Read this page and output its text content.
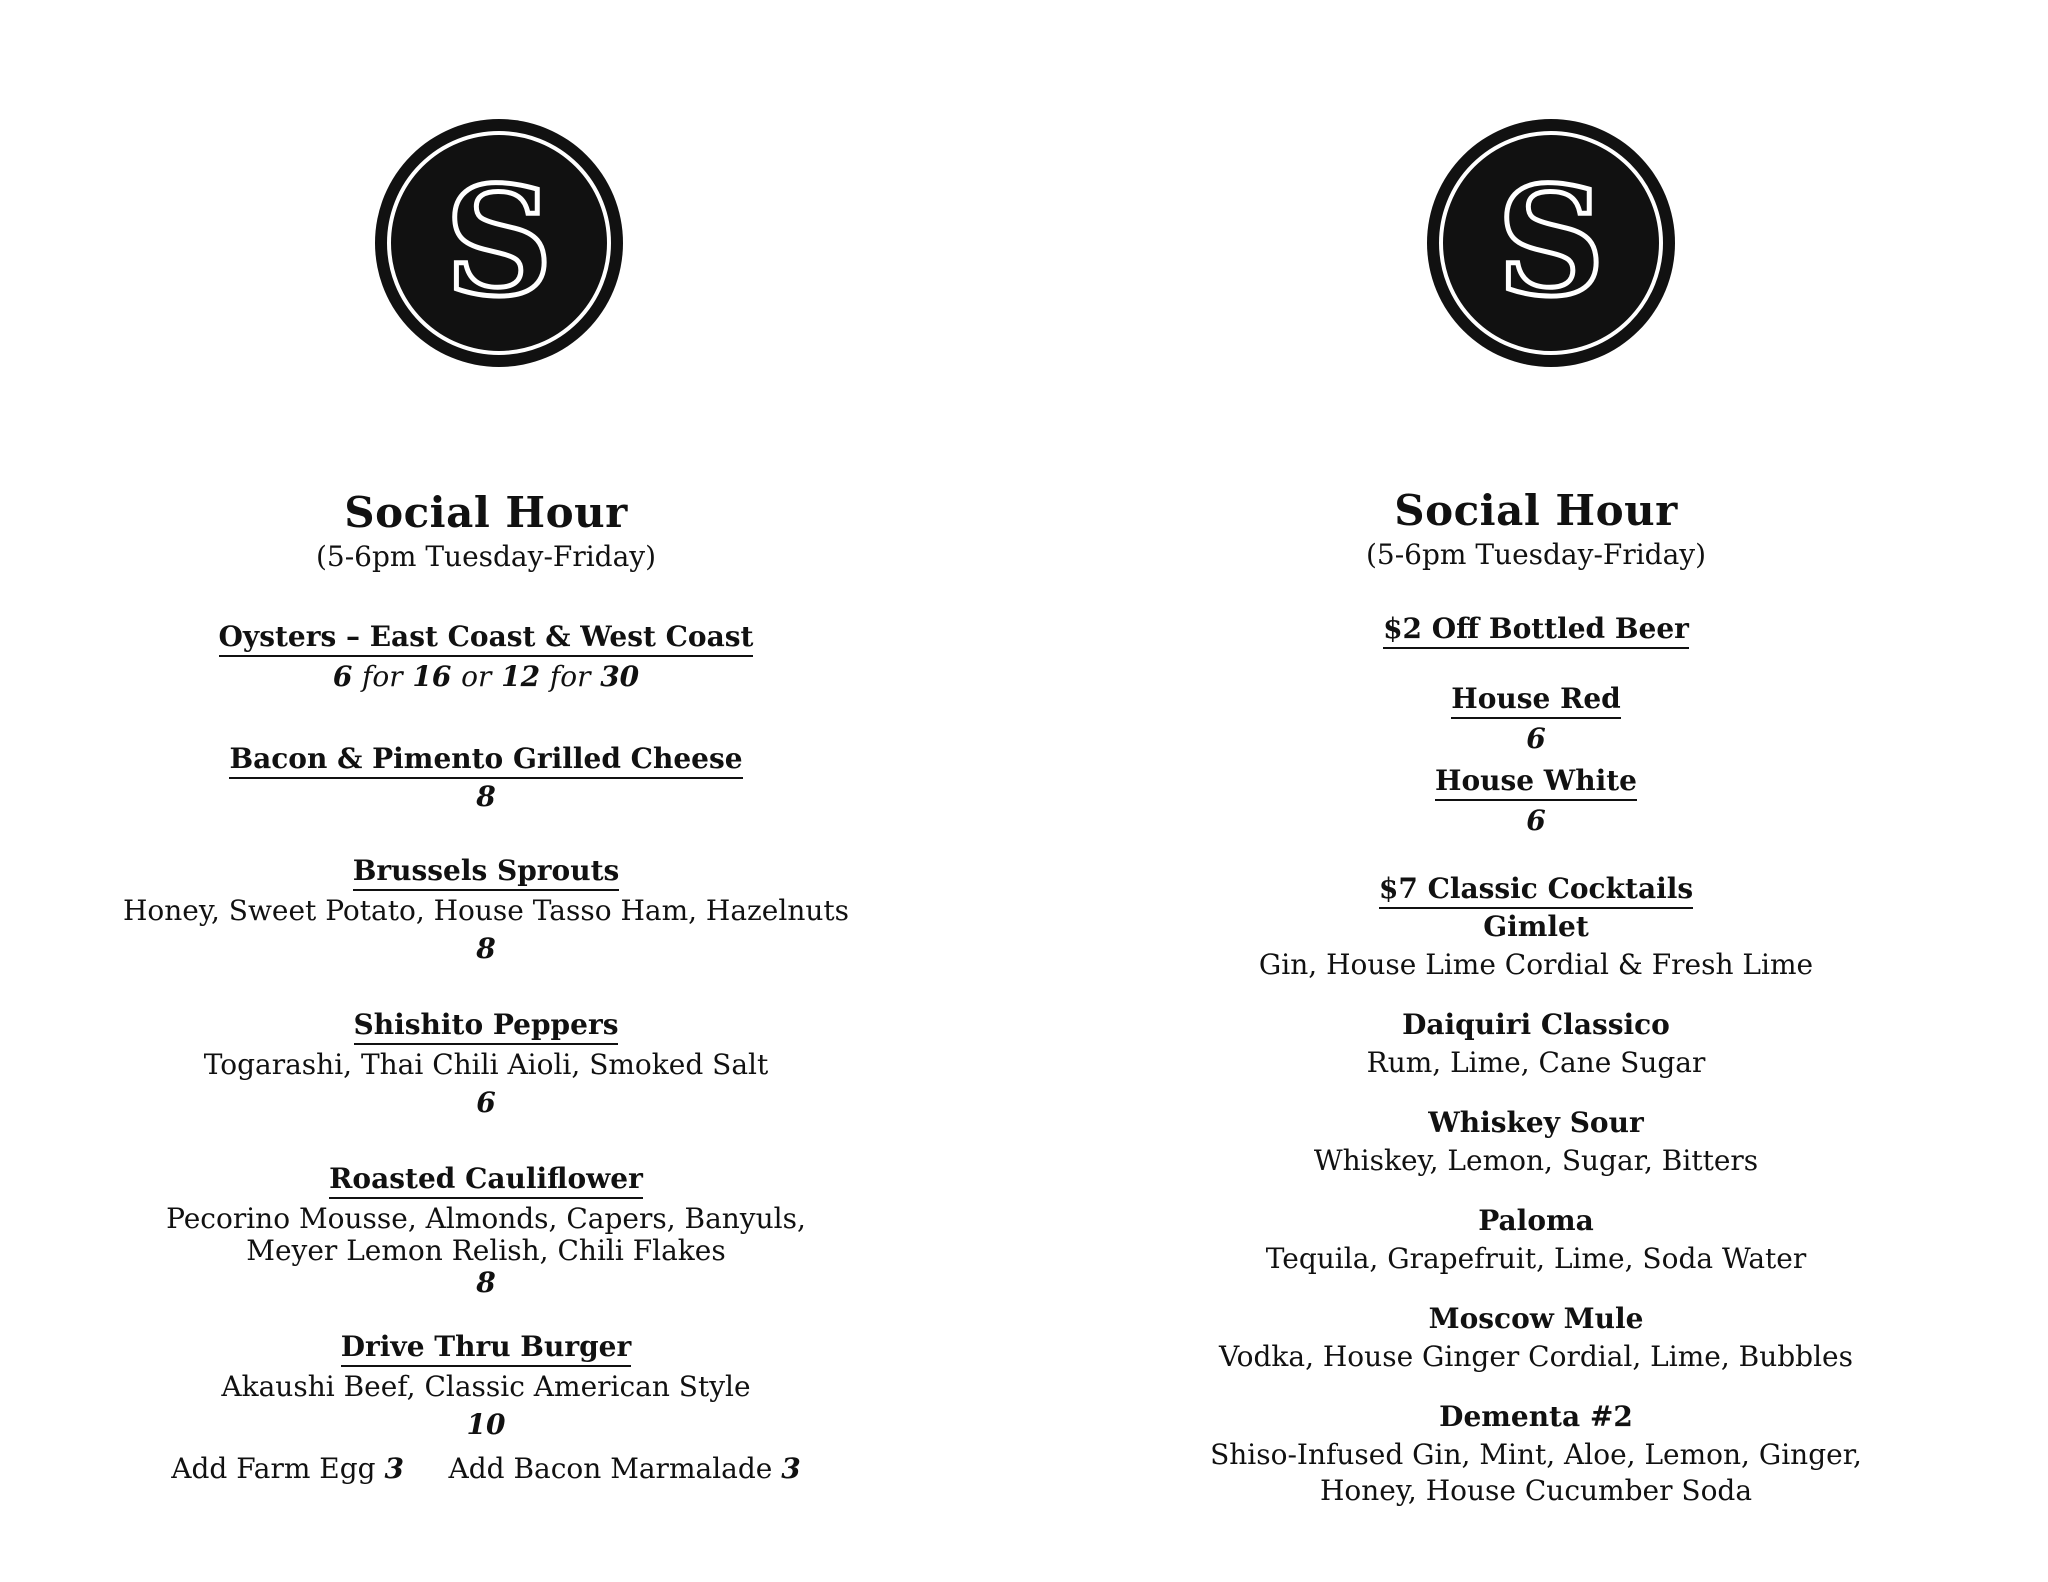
S
Social Hour
(5-6pm Tuesday-Friday)
Oysters – East Coast & West Coast
6 for 16 or 12 for 30
Bacon & Pimento Grilled Cheese
8
Brussels Sprouts
Honey, Sweet Potato, House Tasso Ham, Hazelnuts
8
Shishito Peppers
Togarashi, Thai Chili Aioli, Smoked Salt
6
Roasted Cauliflower
Pecorino Mousse, Almonds, Capers, Banyuls,
Meyer Lemon Relish, Chili Flakes
8
Drive Thru Burger
Akaushi Beef, Classic American Style
10
Add Farm Egg 3 Add Bacon Marmalade 3
S
Social Hour
(5-6pm Tuesday-Friday)
$2 Off Bottled Beer
House Red
6
House White
6
$7 Classic Cocktails
Gimlet
Gin, House Lime Cordial & Fresh Lime
Daiquiri Classico
Rum, Lime, Cane Sugar
Whiskey Sour
Whiskey, Lemon, Sugar, Bitters
Paloma
Tequila, Grapefruit, Lime, Soda Water
Moscow Mule
Vodka, House Ginger Cordial, Lime, Bubbles
Dementa #2
Shiso-Infused Gin, Mint, Aloe, Lemon, Ginger,
Honey, House Cucumber Soda
